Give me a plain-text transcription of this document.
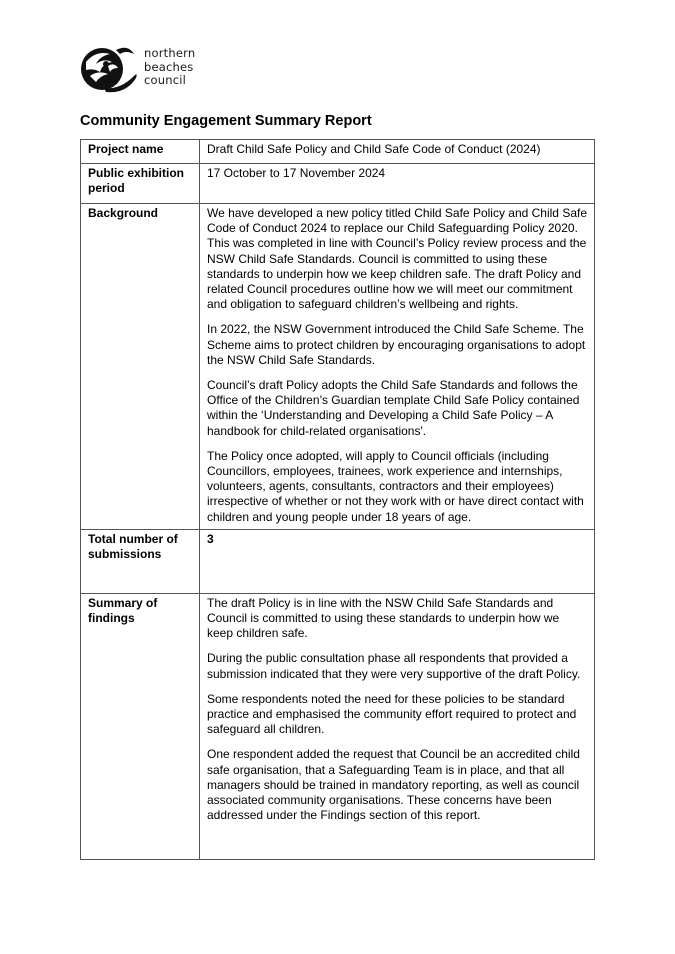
northern
beaches
council
Community Engagement Summary Report
Project name	Draft Child Safe Policy and Child Safe Code of Conduct (2024)

Public exhibition period	17 October to 17 November 2024

Background	We have developed a new policy titled Child Safe Policy and Child Safe Code of Conduct 2024 to replace our Child Safeguarding Policy 2020. This was completed in line with Council’s Policy review process and the NSW Child Safe Standards. Council is committed to using these standards to underpin how we keep children safe. The draft Policy and related Council procedures outline how we will meet our commitment and obligation to safeguard children’s wellbeing and rights.

In 2022, the NSW Government introduced the Child Safe Scheme. The Scheme aims to protect children by encouraging organisations to adopt the NSW Child Safe Standards.

Council’s draft Policy adopts the Child Safe Standards and follows the Office of the Children’s Guardian template Child Safe Policy contained within the ‘Understanding and Developing a Child Safe Policy – A handbook for child-related organisations'.

The Policy once adopted, will apply to Council officials (including Councillors, employees, trainees, work experience and internships, volunteers, agents, consultants, contractors and their employees) irrespective of whether or not they work with or have direct contact with children and young people under 18 years of age.

Total number of submissions	3

Summary of findings	The draft Policy is in line with the NSW Child Safe Standards and Council is committed to using these standards to underpin how we keep children safe.

During the public consultation phase all respondents that provided a submission indicated that they were very supportive of the draft Policy.

Some respondents noted the need for these policies to be standard practice and emphasised the community effort required to protect and safeguard all children.

One respondent added the request that Council be an accredited child safe organisation, that a Safeguarding Team is in place, and that all managers should be trained in mandatory reporting, as well as council associated community organisations. These concerns have been addressed under the Findings section of this report.
